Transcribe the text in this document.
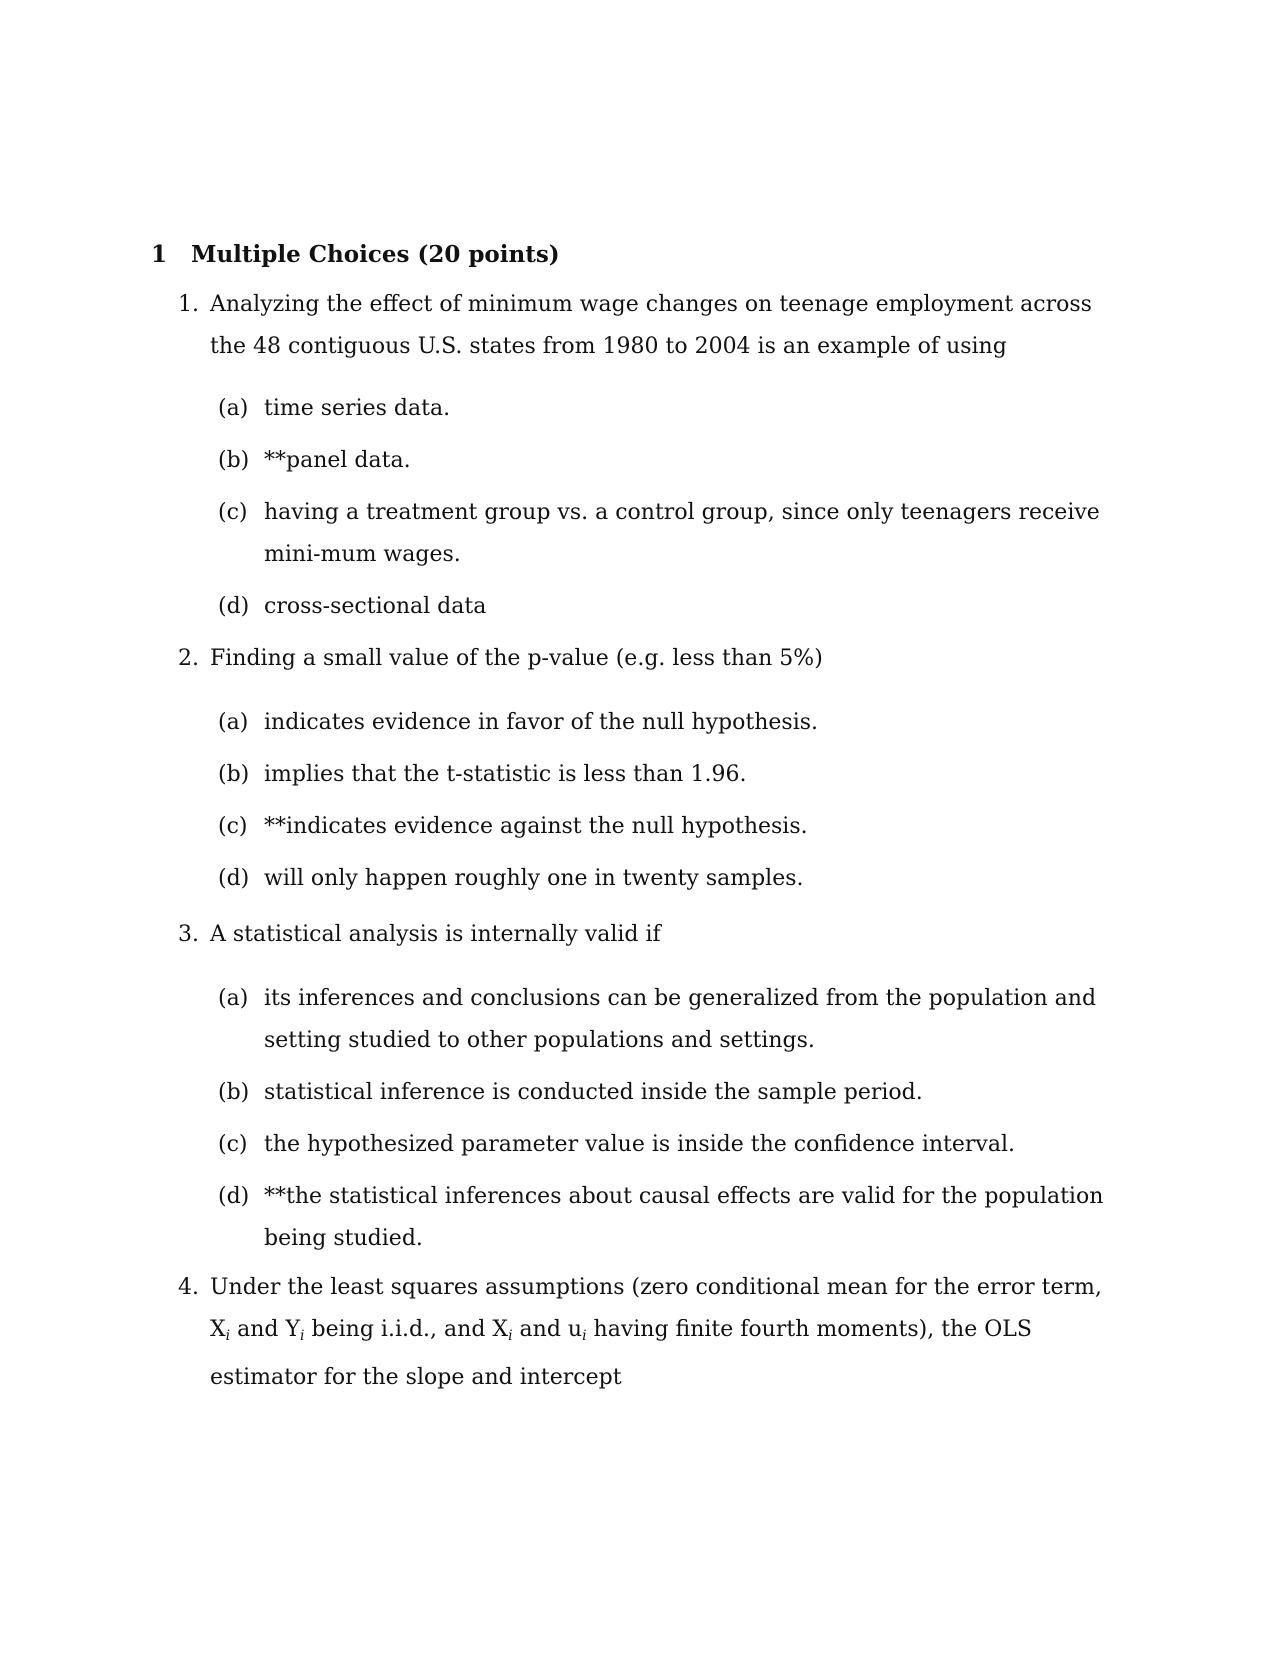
1 Multiple Choices (20 points)
1. Analyzing the effect of minimum wage changes on teenage employment across the 48 contiguous U.S. states from 1980 to 2004 is an example of using
(a) time series data.
(b) **panel data.
(c) having a treatment group vs. a control group, since only teenagers receive mini-mum wages.
(d) cross-sectional data
2. Finding a small value of the p-value (e.g. less than 5%)
(a) indicates evidence in favor of the null hypothesis.
(b) implies that the t-statistic is less than 1.96.
(c) **indicates evidence against the null hypothesis.
(d) will only happen roughly one in twenty samples.
3. A statistical analysis is internally valid if
(a) its inferences and conclusions can be generalized from the population and setting studied to other populations and settings.
(b) statistical inference is conducted inside the sample period.
(c) the hypothesized parameter value is inside the confidence interval.
(d) **the statistical inferences about causal effects are valid for the population being studied.
4. Under the least squares assumptions (zero conditional mean for the error term, $X_i$ and $Y_i$ being i.i.d., and $X_i$ and $u_i$ having finite fourth moments), the OLS estimator for the slope and intercept
